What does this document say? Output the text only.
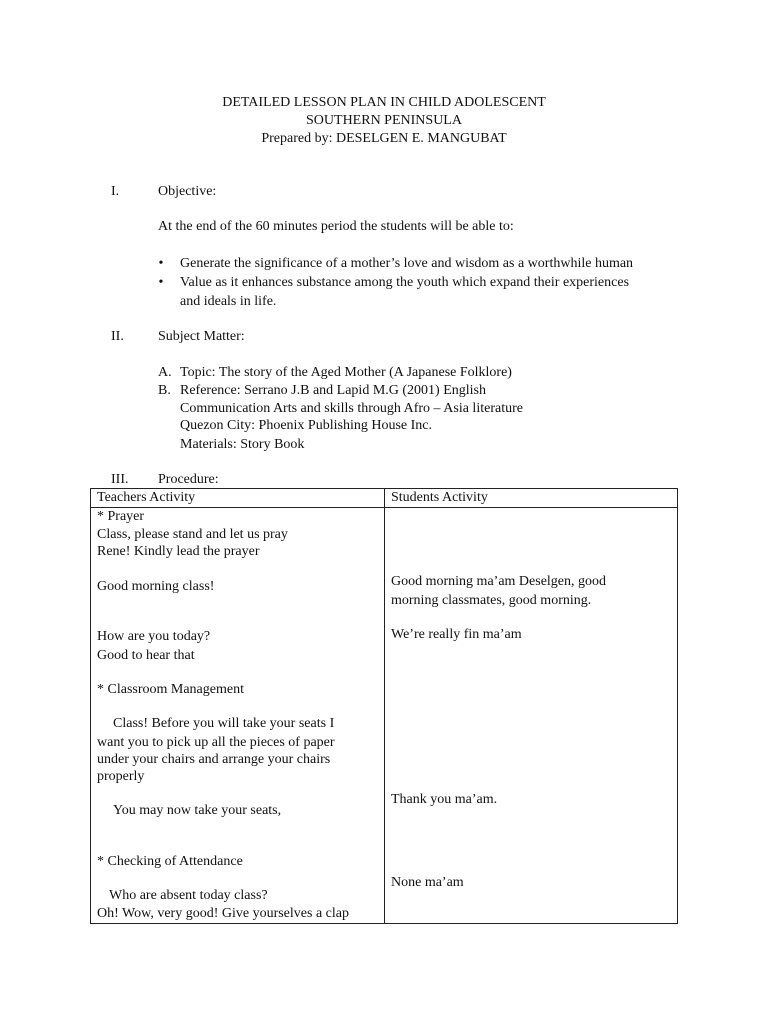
DETAILED LESSON PLAN IN CHILD ADOLESCENT
SOUTHERN PENINSULA
Prepared by: DESELGEN E. MANGUBAT
I.	Objective:
At the end of the 60 minutes period the students will be able to:
• Generate the significance of a mother’s love and wisdom as a worthwhile human
• Value as it enhances substance among the youth which expand their experiences
and ideals in life.
II. Subject Matter:
A. Topic: The story of the Aged Mother (A Japanese Folklore)
B. Reference: Serrano J.B and Lapid M.G (2001) English
Communication Arts and skills through Afro – Asia literature
Quezon City: Phoenix Publishing House Inc.
Materials: Story Book
III. Procedure:
Teachers Activity	Students Activity
* Prayer
Class, please stand and let us pray
Rene! Kindly lead the prayer
Good morning class!
How are you today?
Good to hear that
* Classroom Management
Class! Before you will take your seats I
want you to pick up all the pieces of paper
under your chairs and arrange your chairs
properly
You may now take your seats,
* Checking of Attendance
Who are absent today class?
Oh! Wow, very good! Give yourselves a clap
Good morning ma’am Deselgen, good
morning classmates, good morning.
We’re really fin ma’am
Thank you ma’am.
None ma’am
